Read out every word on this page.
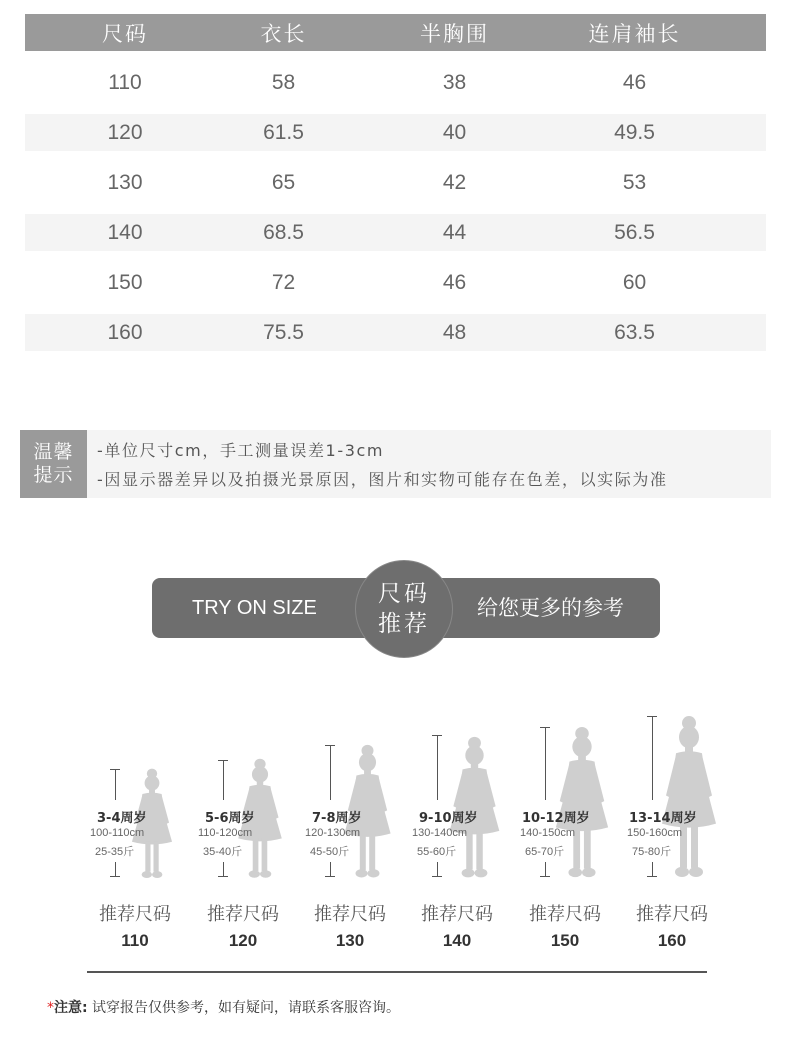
尺码	衣长	半胸围	连肩袖长
110	58	38	46
120	61.5	40	49.5
130	65	42	53
140	68.5	44	56.5
150	72	46	60
160	75.5	48	63.5
温馨
提示
-单位尺寸cm，手工测量误差1-3cm
-因显示器差异以及拍摄光景原因，图片和实物可能存在色差，以实际为准
TRY ON SIZE	给您更多的参考
尺码
推荐
3-4周岁
100-110cm
25-35斤
推荐尺码
110
5-6周岁
110-120cm
35-40斤
推荐尺码
120
7-8周岁
120-130cm
45-50斤
推荐尺码
130
9-10周岁
130-140cm
55-60斤
推荐尺码
140
10-12周岁
140-150cm
65-70斤
推荐尺码
150
13-14周岁
150-160cm
75-80斤
推荐尺码
160
*注意: 试穿报告仅供参考，如有疑问，请联系客服咨询。
